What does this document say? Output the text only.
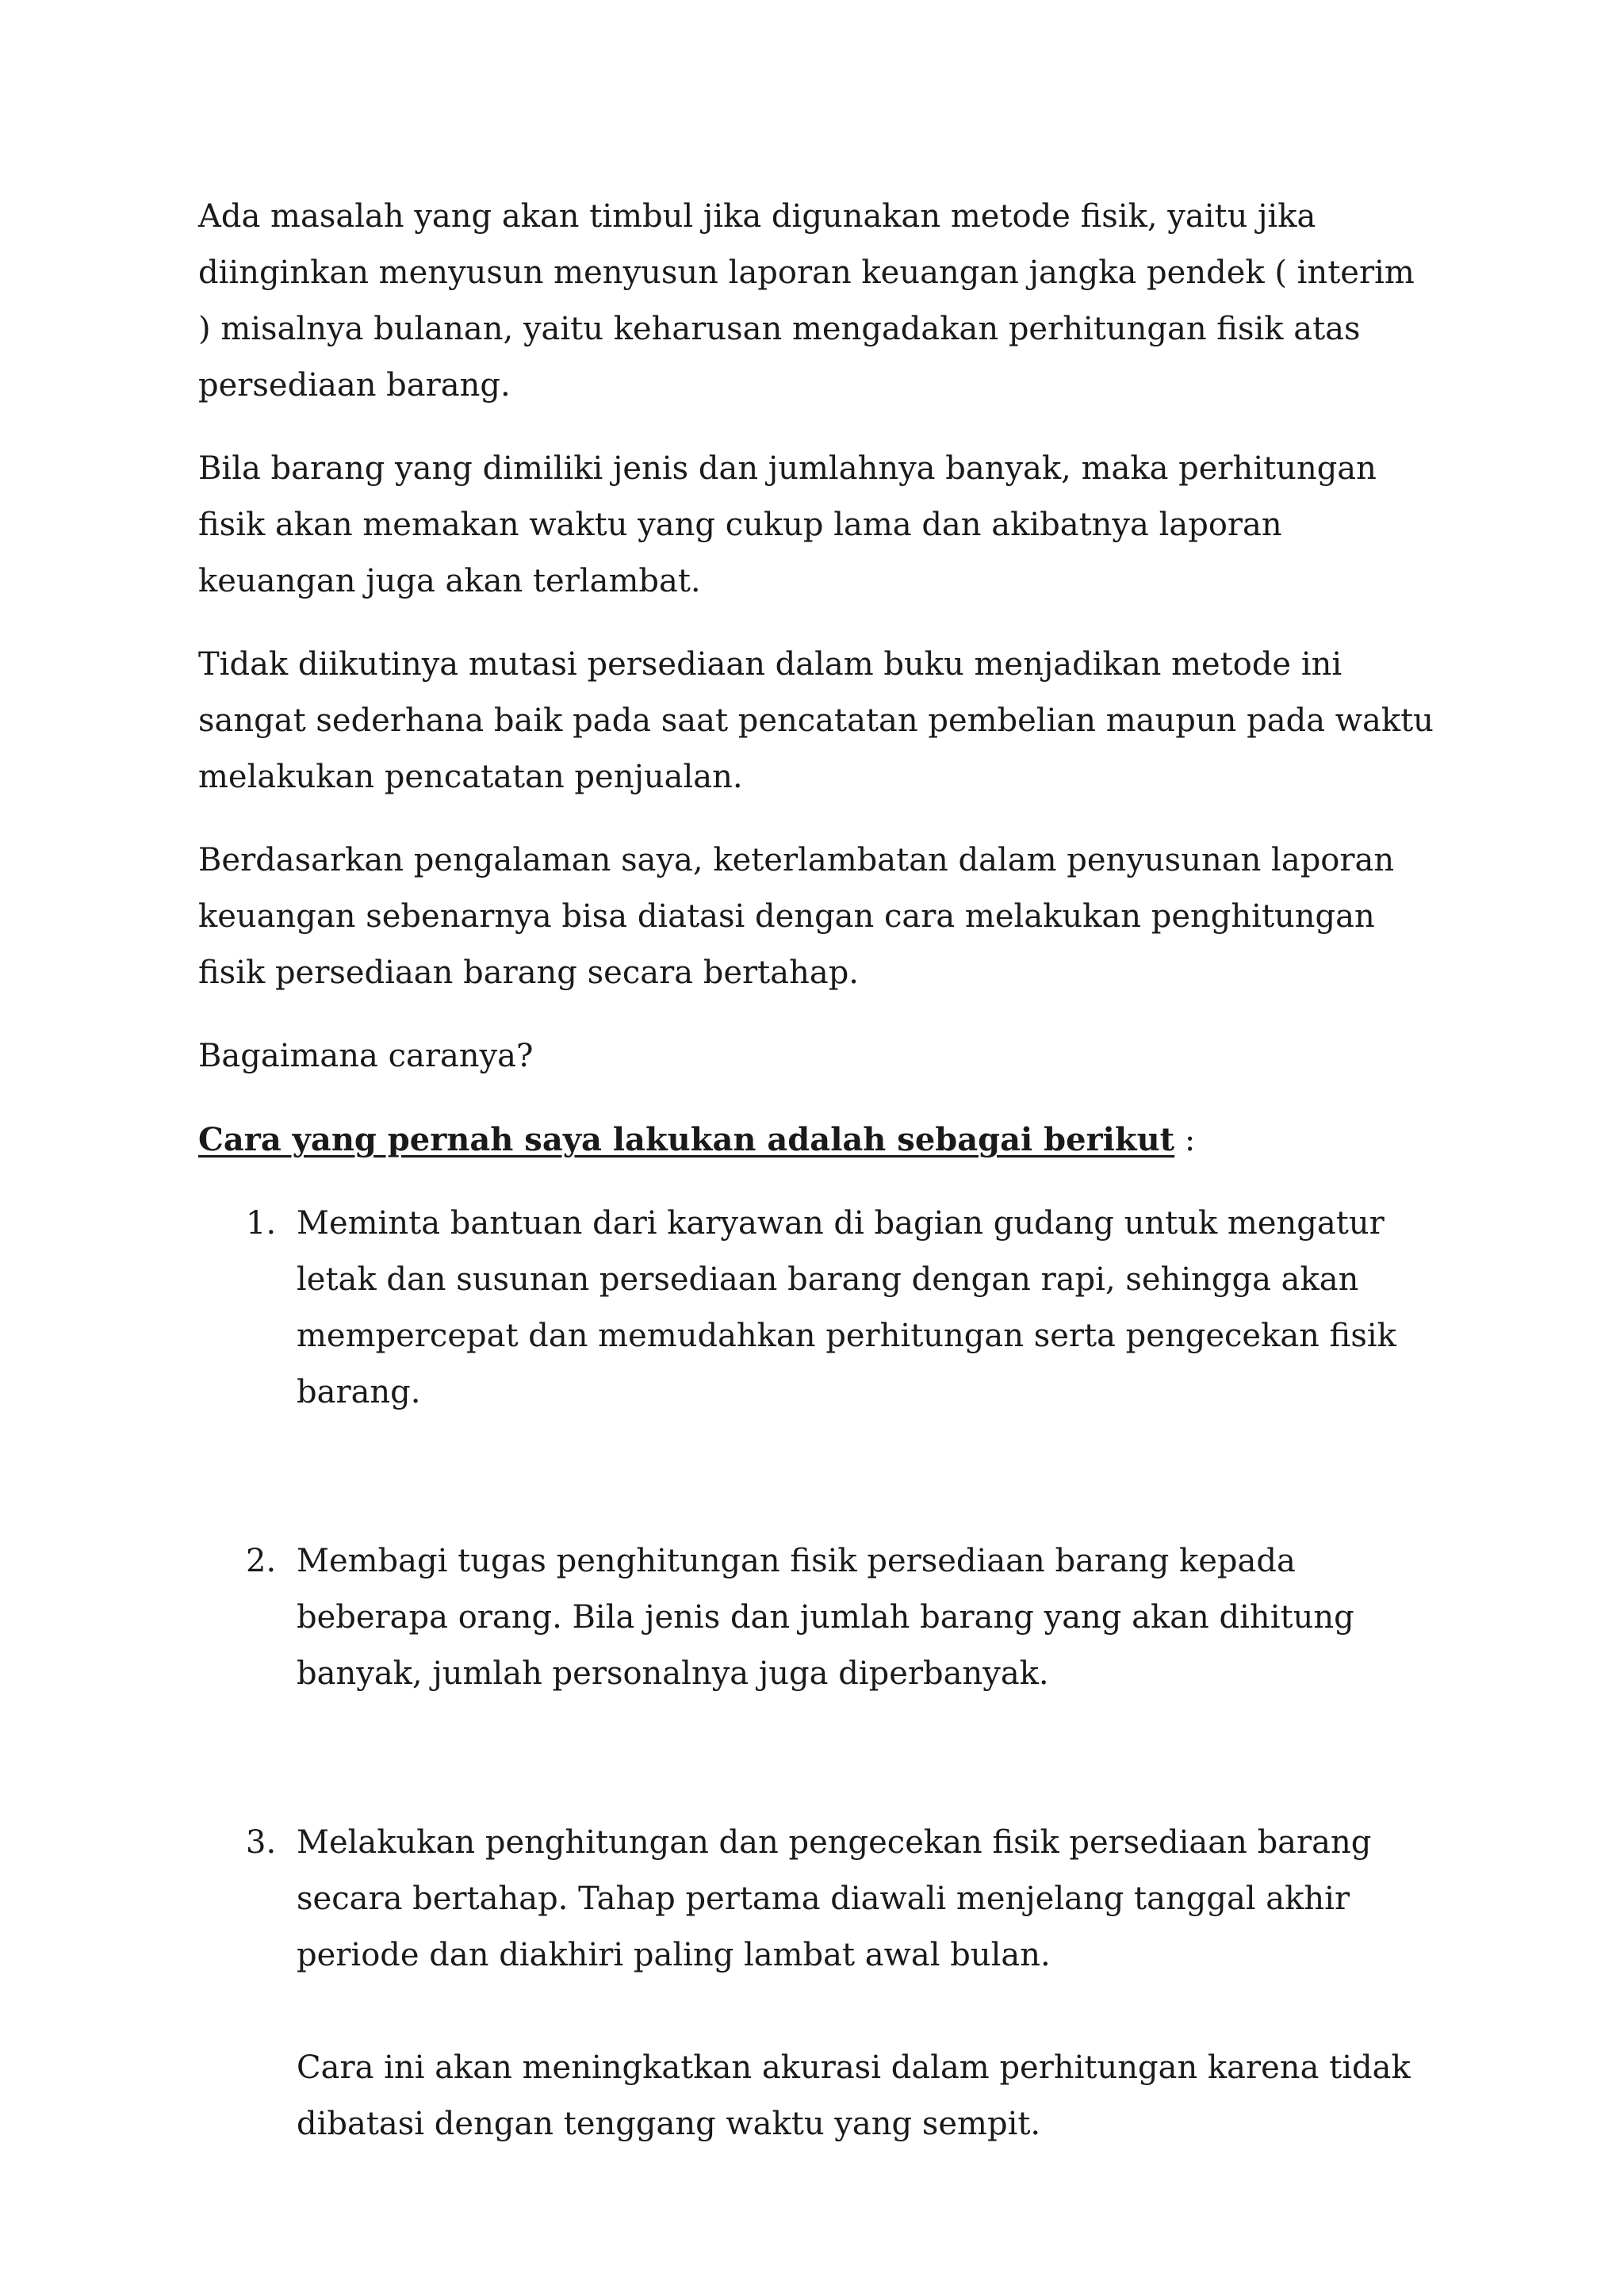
Ada masalah yang akan timbul jika digunakan metode fisik, yaitu jika diinginkan menyusun menyusun laporan keuangan jangka pendek ( interim ) misalnya bulanan, yaitu keharusan mengadakan perhitungan fisik atas persediaan barang.

Bila barang yang dimiliki jenis dan jumlahnya banyak, maka perhitungan fisik akan memakan waktu yang cukup lama dan akibatnya laporan keuangan juga akan terlambat.

Tidak diikutinya mutasi persediaan dalam buku menjadikan metode ini sangat sederhana baik pada saat pencatatan pembelian maupun pada waktu melakukan pencatatan penjualan.

Berdasarkan pengalaman saya, keterlambatan dalam penyusunan laporan keuangan sebenarnya bisa diatasi dengan cara melakukan penghitungan fisik persediaan barang secara bertahap.

Bagaimana caranya?

Cara yang pernah saya lakukan adalah sebagai berikut :

1. Meminta bantuan dari karyawan di bagian gudang untuk mengatur letak dan susunan persediaan barang dengan rapi, sehingga akan mempercepat dan memudahkan perhitungan serta pengecekan fisik barang.

2. Membagi tugas penghitungan fisik persediaan barang kepada beberapa orang. Bila jenis dan jumlah barang yang akan dihitung banyak, jumlah personalnya juga diperbanyak.

3. Melakukan penghitungan dan pengecekan fisik persediaan barang secara bertahap. Tahap pertama diawali menjelang tanggal akhir periode dan diakhiri paling lambat awal bulan.

Cara ini akan meningkatkan akurasi dalam perhitungan karena tidak dibatasi dengan tenggang waktu yang sempit.
